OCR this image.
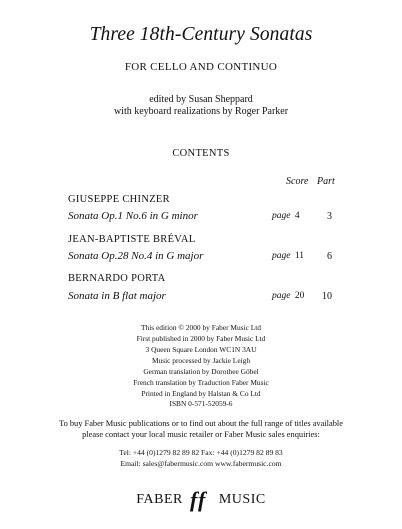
Three 18th-Century Sonatas
FOR CELLO AND CONTINUO
edited by Susan Sheppard
with keyboard realizations by Roger Parker
CONTENTS
Score Part
GIUSEPPE CHINZER
Sonata Op.1 No.6 in G minor	page 4	3
JEAN-BAPTISTE BRÉVAL
Sonata Op.28 No.4 in G major	page 11	6
BERNARDO PORTA
Sonata in B flat major	page 20	10
This edition © 2000 by Faber Music Ltd
First published in 2000 by Faber Music Ltd
3 Queen Square London WC1N 3AU
Music processed by Jackie Leigh
German translation by Dorothee Göbel
French translation by Traduction Faber Music
Printed in England by Halstan & Co Ltd
ISBN 0-571-52059-6
To buy Faber Music publications or to find out about the full range of titles available
please contact your local music retailer or Faber Music sales enquiries:
Tel: +44 (0)1279 82 89 82 Fax: +44 (0)1279 82 89 83
Email: sales@fabermusic.com www.fabermusic.com
FABER f f MUSIC
